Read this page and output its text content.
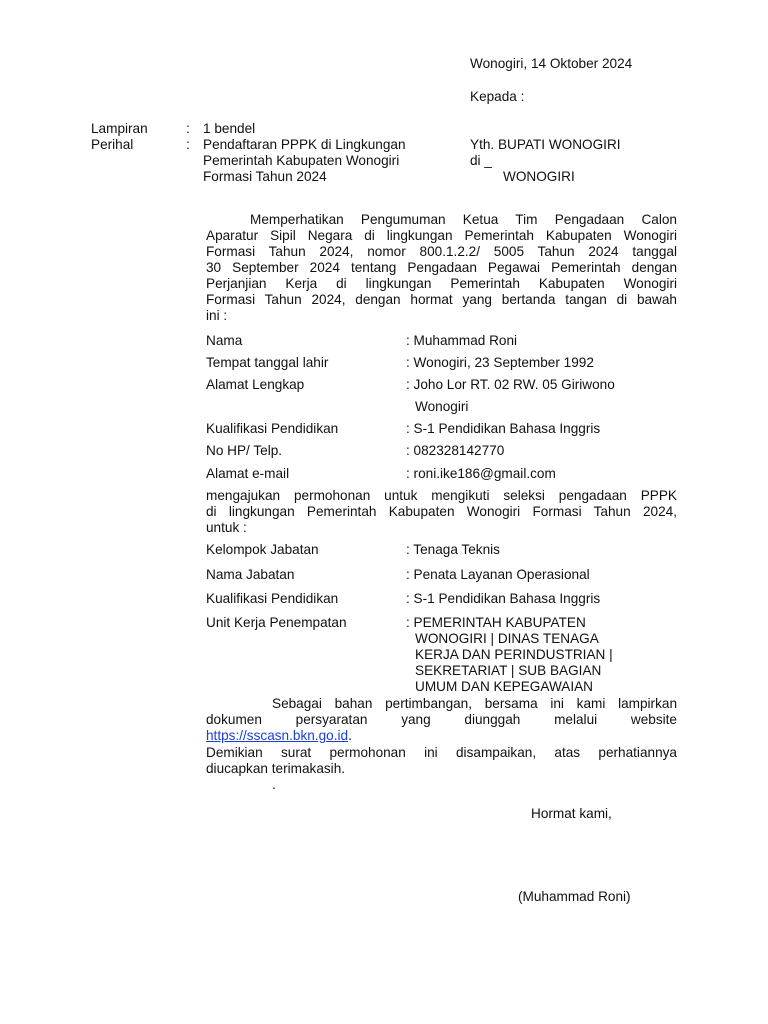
Wonogiri, 14 Oktober 2024
Kepada :
Lampiran	: 1 bendel
Perihal	: Pendaftaran PPPK di Lingkungan
Pemerintah Kabupaten Wonogiri
Formasi Tahun 2024
Yth. BUPATI WONOGIRI
di _
WONOGIRI
Memperhatikan Pengumuman Ketua Tim Pengadaan Calon
Aparatur Sipil Negara di lingkungan Pemerintah Kabupaten Wonogiri
Formasi Tahun 2024, nomor 800.1.2.2/ 5005 Tahun 2024 tanggal
30 September 2024 tentang Pengadaan Pegawai Pemerintah dengan
Perjanjian Kerja di lingkungan Pemerintah Kabupaten Wonogiri
Formasi Tahun 2024, dengan hormat yang bertanda tangan di bawah
ini :
Nama	: Muhammad Roni
Tempat tanggal lahir	: Wonogiri, 23 September 1992
Alamat Lengkap	: Joho Lor RT. 02 RW. 05 Giriwono
Wonogiri
Kualifikasi Pendidikan	: S-1 Pendidikan Bahasa Inggris
No HP/ Telp.	: 082328142770
Alamat e-mail	: roni.ike186@gmail.com
mengajukan permohonan untuk mengikuti seleksi pengadaan PPPK
di lingkungan Pemerintah Kabupaten Wonogiri Formasi Tahun 2024,
untuk :
Kelompok Jabatan	: Tenaga Teknis
Nama Jabatan	: Penata Layanan Operasional
Kualifikasi Pendidikan	: S-1 Pendidikan Bahasa Inggris
Unit Kerja Penempatan	: PEMERINTAH KABUPATEN
WONOGIRI | DINAS TENAGA
KERJA DAN PERINDUSTRIAN |
SEKRETARIAT | SUB BAGIAN
UMUM DAN KEPEGAWAIAN
Sebagai bahan pertimbangan, bersama ini kami lampirkan
dokumen persyaratan yang diunggah melalui website
https://sscasn.bkn.go.id.
Demikian surat permohonan ini disampaikan, atas perhatiannya
diucapkan terimakasih.
.
Hormat kami,
(Muhammad Roni)
